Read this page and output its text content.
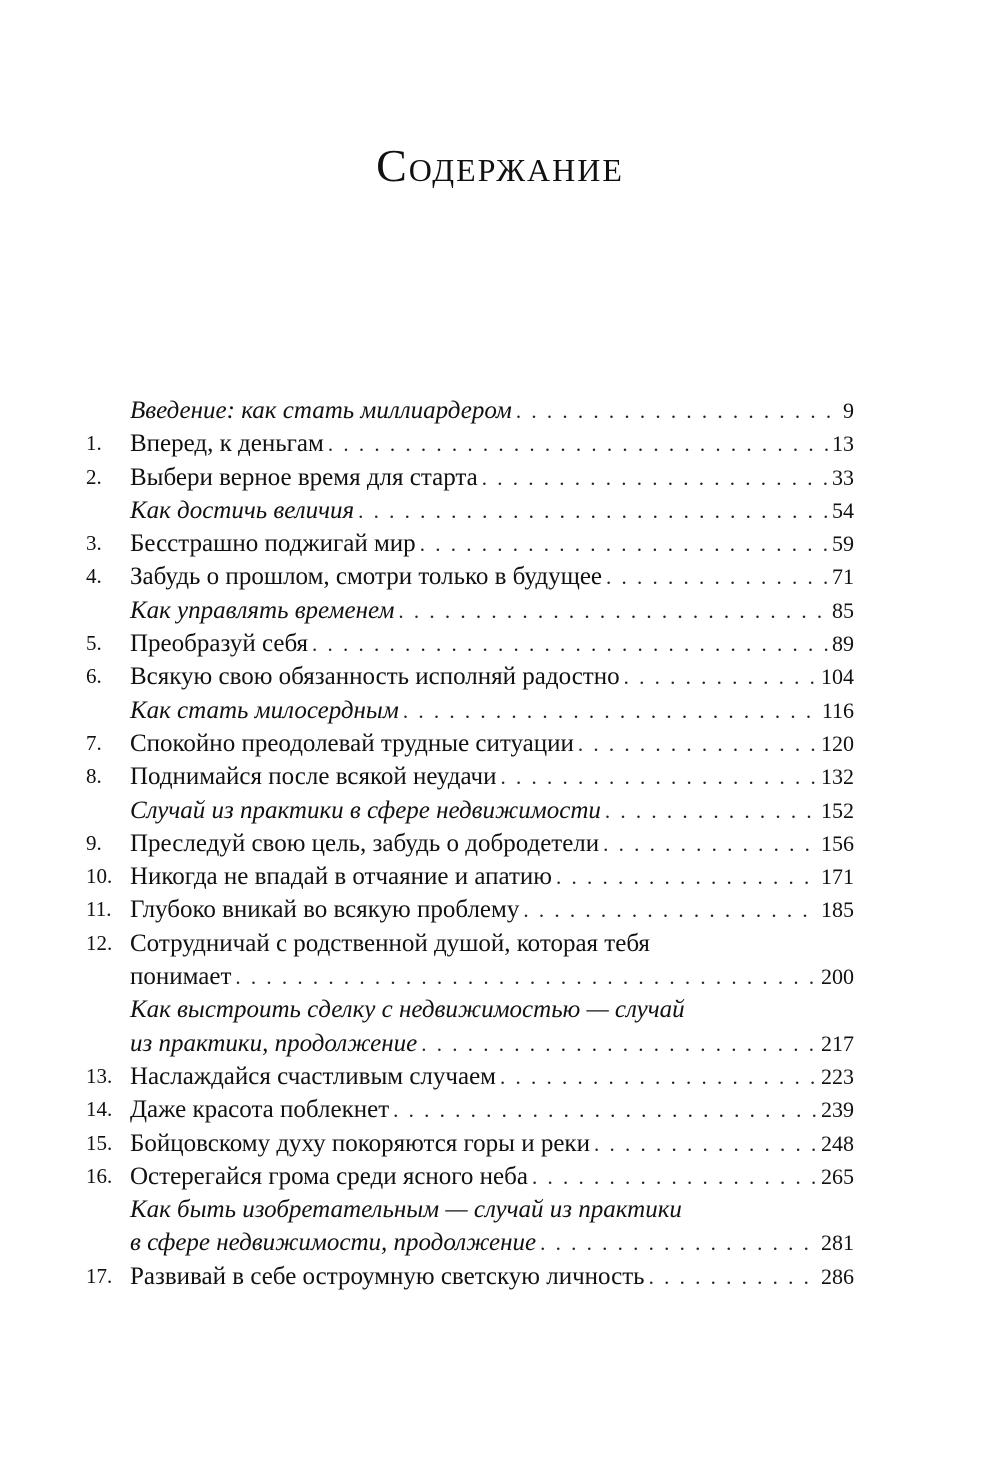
Содержание
Введение: как стать миллиардером . . .	9
1.	Вперед, к деньгам . . .	13
2.	Выбери верное время для старта . . .	33
Как достичь величия . . .	54
3.	Бесстрашно поджигай мир . . .	59
4.	Забудь о прошлом, смотри только в будущее . . .	71
Как управлять временем . . .	85
5.	Преобразуй себя . . .	89
6.	Всякую свою обязанность исполняй радостно . . .	104
Как стать милосердным . . .	116
7.	Спокойно преодолевай трудные ситуации . . .	120
8.	Поднимайся после всякой неудачи . . .	132
Случай из практики в сфере недвижимости . . .	152
9.	Преследуй свою цель, забудь о добродетели . . .	156
10. Никогда не впадай в отчаяние и апатию . . .	171
11. Глубоко вникай во всякую проблему . . .	185
12. Сотрудничай с родственной душой, которая тебя
понимает . . .	200
Как выстроить сделку с недвижимостью — случай
из практики, продолжение . . .	217
13. Наслаждайся счастливым случаем . . .	223
14. Даже красота поблекнет . . .	239
15. Бойцовскому духу покоряются горы и реки . . .	248
16. Остерегайся грома среди ясного неба . . .	265
Как быть изобретательным — случай из практики
в сфере недвижимости, продолжение . . .	281
17. Развивай в себе остроумную светскую личность . . .	286
